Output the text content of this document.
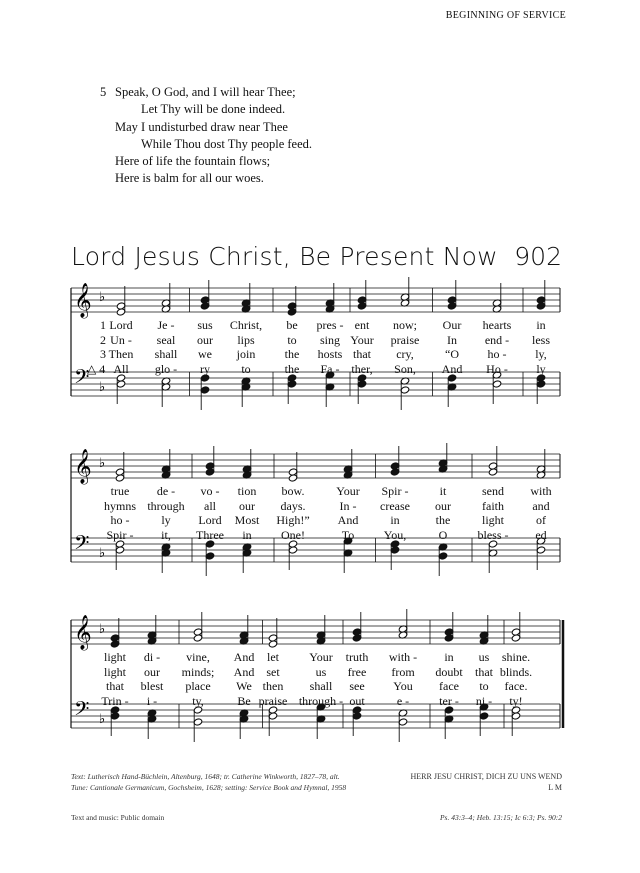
BEGINNING OF SERVICE
5 Speak, O God, and I will hear Thee;
Let Thy will be done indeed.
May I undisturbed draw near Thee
While Thou dost Thy people feed.
Here of life the fountain flows;
Here is balm for all our woes.
Lord Jesus Christ, Be Present Now 902
𝄞
𝄢
♭
♭
1 Lord Je - sus Christ, be pres - ent now; Our hearts in
2 Un - seal our lips	to sing Your praise In end - less
3 Then shall we join the hosts that cry,	“O ho - ly,
△ 4 All glo - ry	to	the Fa - ther, Son, And Ho - ly
𝄞
𝄢
♭
♭
true de - vo - tion bow.	Your Spir -	it	send with
hymns through all our days.	In - crease our	faith and
ho -	ly Lord Most High!” And	in	the	light	of
Spir - it, Three in One!	To You,	O	bless - ed
𝄞
𝄢
♭
♭
light di - vine, And let	Your truth with - in us shine.
light our minds; And set	us free from doubt that blinds.
that blest place We then shall see You face to face.
Trin - i -	ty,	Be praise through - out	e -	ter - ni - ty!
Text: Lutherisch Hand-Büchlein, Altenburg, 1648; tr. Catherine Winkworth, 1827–78, alt.
Tune: Cantionale Germanicum, Gochsheim, 1628; setting: Service Book and Hymnal, 1958
HERR JESU CHRIST, DICH ZU UNS WEND
L M
Text and music: Public domain	Ps. 43:3–4; Heb. 13:15; Ic 6:3; Ps. 90:2
